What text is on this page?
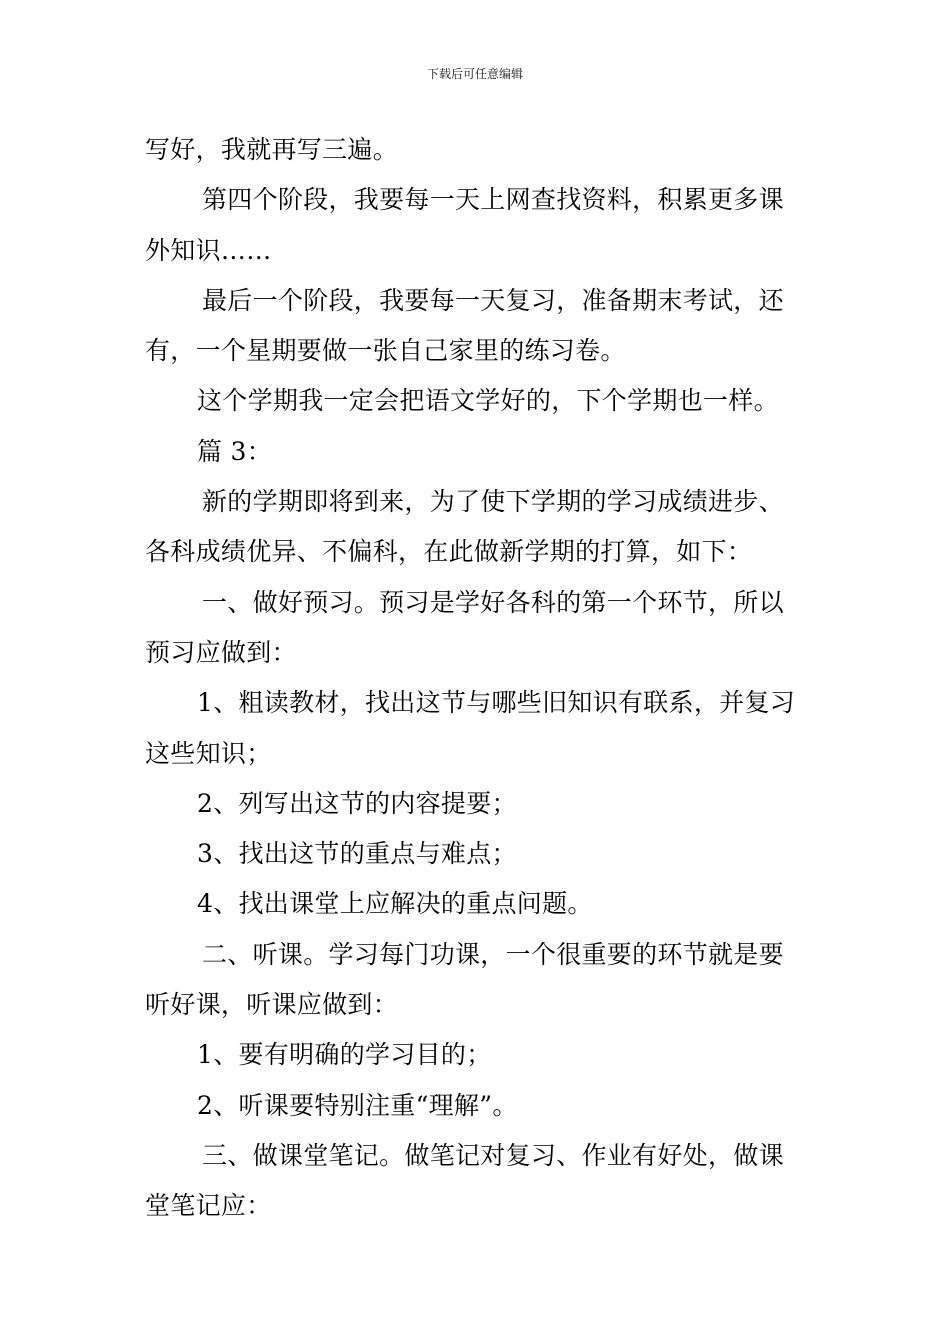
下载后可任意编辑
写好，我就再写三遍。
第四个阶段，我要每一天上网查找资料，积累更多课
外知识……
最后一个阶段，我要每一天复习，准备期末考试，还
有，一个星期要做一张自己家里的练习卷。
这个学期我一定会把语文学好的，下个学期也一样。
篇 3：
新的学期即将到来，为了使下学期的学习成绩进步、
各科成绩优异、不偏科，在此做新学期的打算，如下：
一、做好预习。预习是学好各科的第一个环节，所以
预习应做到：
1、粗读教材，找出这节与哪些旧知识有联系，并复习
这些知识；
2、列写出这节的内容提要；
3、找出这节的重点与难点；
4、找出课堂上应解决的重点问题。
二、听课。学习每门功课，一个很重要的环节就是要
听好课，听课应做到：
1、要有明确的学习目的；
2、听课要特别注重“理解”。
三、做课堂笔记。做笔记对复习、作业有好处，做课
堂笔记应：
